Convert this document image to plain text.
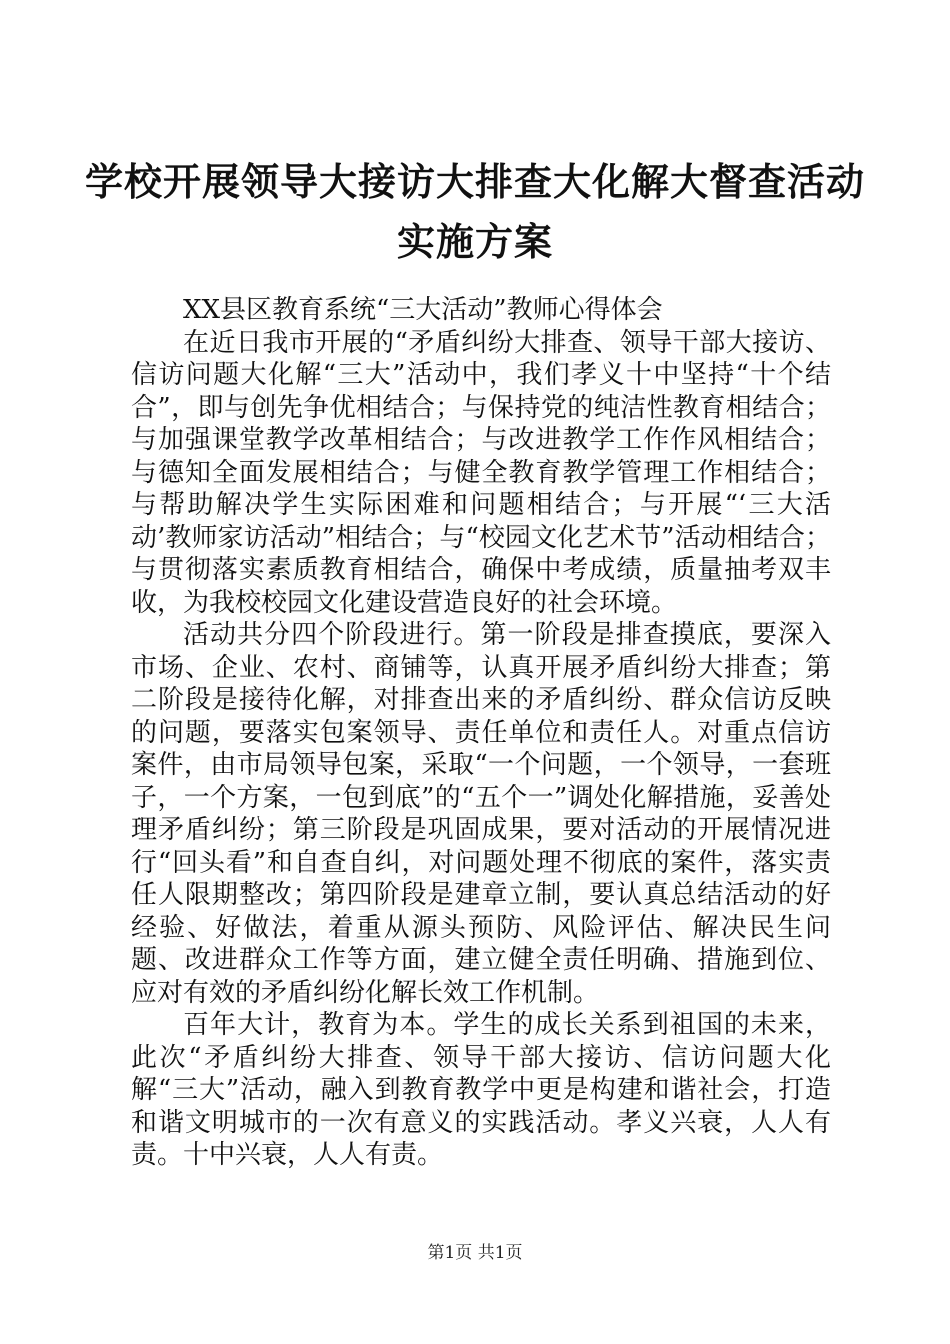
学校开展领导大接访大排查大化解大督查活动
实施方案

XX县区教育系统“三大活动”教师心得体会

在近日我市开展的“矛盾纠纷大排查、领导干部大接访、信访问题大化解“三大”活动中，我们孝义十中坚持“十个结合”，即与创先争优相结合；与保持党的纯洁性教育相结合；与加强课堂教学改革相结合；与改进教学工作作风相结合；与德知全面发展相结合；与健全教育教学管理工作相结合；与帮助解决学生实际困难和问题相结合；与开展“‘三大活动’教师家访活动”相结合；与“校园文化艺术节”活动相结合；与贯彻落实素质教育相结合，确保中考成绩，质量抽考双丰收，为我校校园文化建设营造良好的社会环境。

活动共分四个阶段进行。第一阶段是排查摸底，要深入市场、企业、农村、商铺等，认真开展矛盾纠纷大排查；第二阶段是接待化解，对排查出来的矛盾纠纷、群众信访反映的问题，要落实包案领导、责任单位和责任人。对重点信访案件，由市局领导包案，采取“一个问题，一个领导，一套班子，一个方案，一包到底”的“五个一”调处化解措施，妥善处理矛盾纠纷；第三阶段是巩固成果，要对活动的开展情况进行“回头看”和自查自纠，对问题处理不彻底的案件，落实责任人限期整改；第四阶段是建章立制，要认真总结活动的好经验、好做法，着重从源头预防、风险评估、解决民生问题、改进群众工作等方面，建立健全责任明确、措施到位、应对有效的矛盾纠纷化解长效工作机制。

百年大计，教育为本。学生的成长关系到祖国的未来，此次“矛盾纠纷大排查、领导干部大接访、信访问题大化解“三大”活动，融入到教育教学中更是构建和谐社会，打造和谐文明城市的一次有意义的实践活动。孝义兴衰，人人有责。十中兴衰，人人有责。

第1页 共1页
